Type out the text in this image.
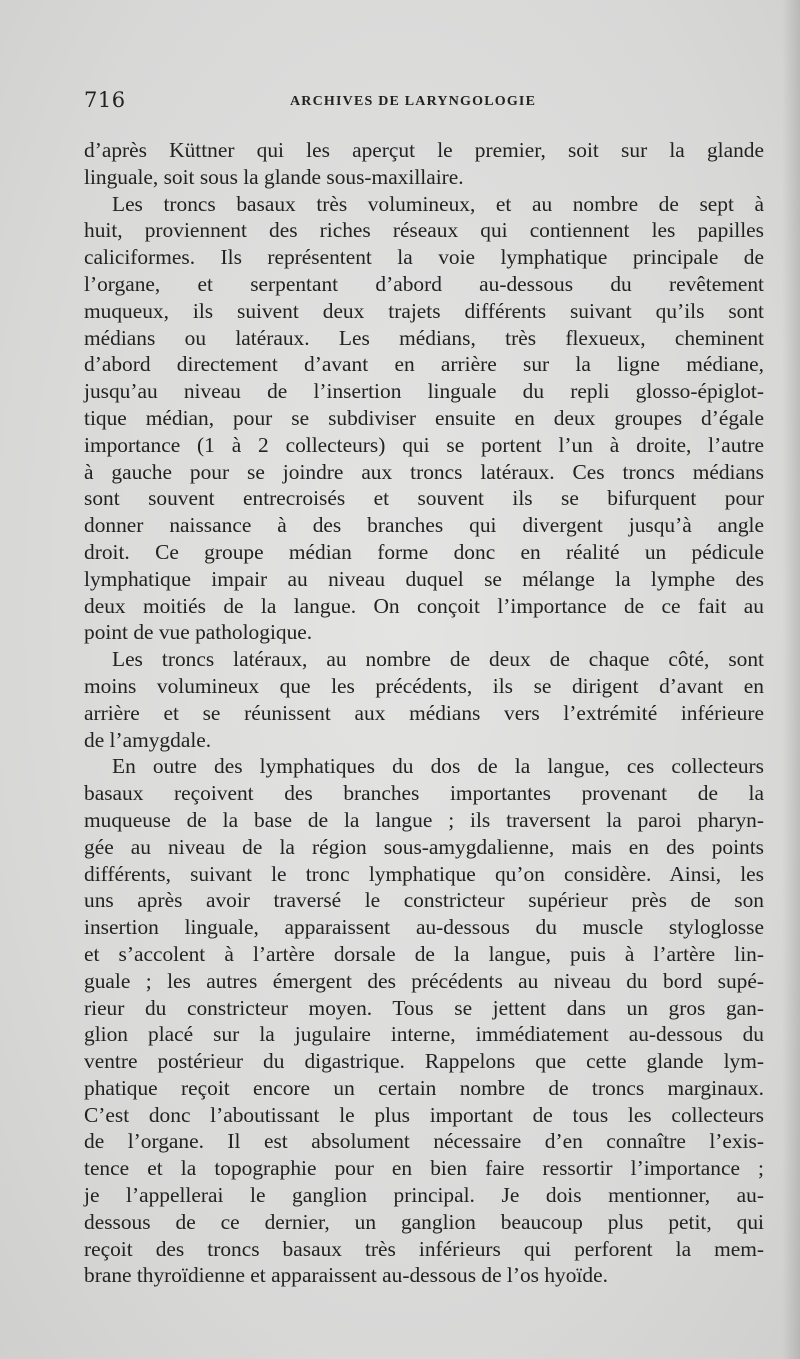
716	ARCHIVES DE LARYNGOLOGIE
d’après Küttner qui les aperçut le premier, soit sur la glande
linguale, soit sous la glande sous-maxillaire.
Les troncs basaux très volumineux, et au nombre de sept à
huit, proviennent des riches réseaux qui contiennent les papilles
caliciformes. Ils représentent la voie lymphatique principale de
l’organe, et serpentant d’abord au-dessous du revêtement
muqueux, ils suivent deux trajets différents suivant qu’ils sont
médians ou latéraux. Les médians, très flexueux, cheminent
d’abord directement d’avant en arrière sur la ligne médiane,
jusqu’au niveau de l’insertion linguale du repli glosso-épiglot-
tique médian, pour se subdiviser ensuite en deux groupes d’égale
importance (1 à 2 collecteurs) qui se portent l’un à droite, l’autre
à gauche pour se joindre aux troncs latéraux. Ces troncs médians
sont souvent entrecroisés et souvent ils se bifurquent pour
donner naissance à des branches qui divergent jusqu’à angle
droit. Ce groupe médian forme donc en réalité un pédicule
lymphatique impair au niveau duquel se mélange la lymphe des
deux moitiés de la langue. On conçoit l’importance de ce fait au
point de vue pathologique.
Les troncs latéraux, au nombre de deux de chaque côté, sont
moins volumineux que les précédents, ils se dirigent d’avant en
arrière et se réunissent aux médians vers l’extrémité inférieure
de l’amygdale.
En outre des lymphatiques du dos de la langue, ces collecteurs
basaux reçoivent des branches importantes provenant de la
muqueuse de la base de la langue ; ils traversent la paroi pharyn-
gée au niveau de la région sous-amygdalienne, mais en des points
différents, suivant le tronc lymphatique qu’on considère. Ainsi, les
uns après avoir traversé le constricteur supérieur près de son
insertion linguale, apparaissent au-dessous du muscle styloglosse
et s’accolent à l’artère dorsale de la langue, puis à l’artère lin-
guale ; les autres émergent des précédents au niveau du bord supé-
rieur du constricteur moyen. Tous se jettent dans un gros gan-
glion placé sur la jugulaire interne, immédiatement au-dessous du
ventre postérieur du digastrique. Rappelons que cette glande lym-
phatique reçoit encore un certain nombre de troncs marginaux.
C’est donc l’aboutissant le plus important de tous les collecteurs
de l’organe. Il est absolument nécessaire d’en connaître l’exis-
tence et la topographie pour en bien faire ressortir l’importance ;
je l’appellerai le ganglion principal. Je dois mentionner, au-
dessous de ce dernier, un ganglion beaucoup plus petit, qui
reçoit des troncs basaux très inférieurs qui perforent la mem-
brane thyroïdienne et apparaissent au-dessous de l’os hyoïde.
